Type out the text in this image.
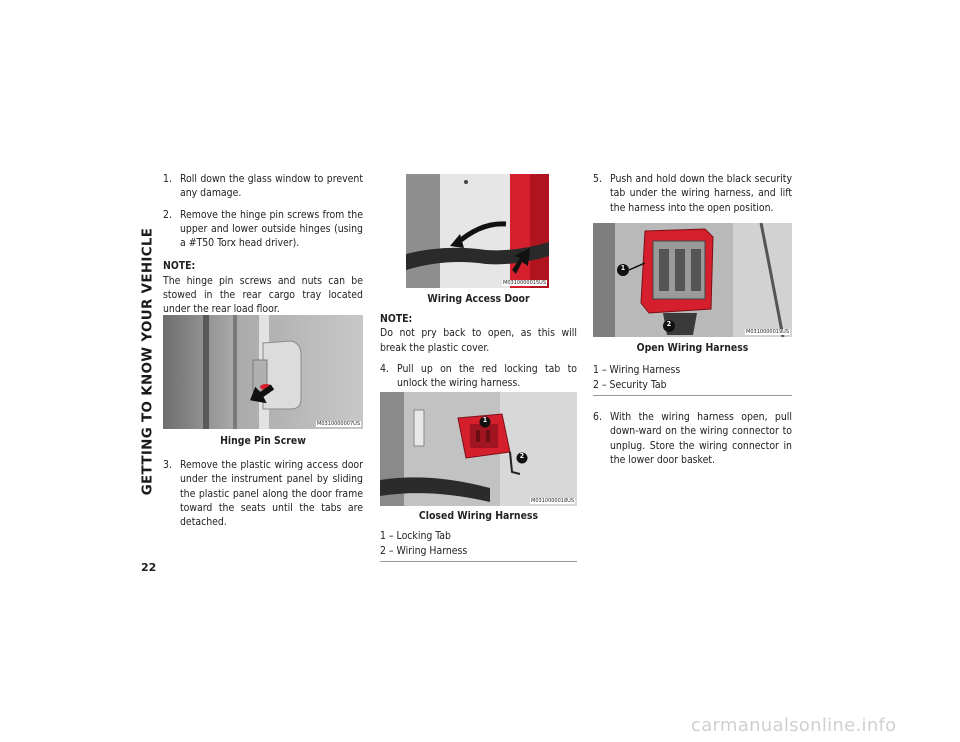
GETTING TO KNOW YOUR VEHICLE
22

1. Roll down the glass window to prevent any damage.

2. Remove the hinge pin screws from the upper and lower outside hinges (using a #T50 Torx head driver).

NOTE:

The hinge pin screws and nuts can be stowed in the rear cargo tray located under the rear load floor.

M0310000007US
Hinge Pin Screw

3. Remove the plastic wiring access door under the instrument panel by sliding the plastic panel along the door frame toward the seats until the tabs are detached.

M0310000015US
Wiring Access Door

NOTE:

Do not pry back to open, as this will break the plastic cover.

4. Pull up on the red locking tab to unlock the wiring harness.

1
2
M0310000018US
Closed Wiring Harness
1 – Locking Tab
2 – Wiring Harness

5. Push and hold down the black security tab under the wiring harness, and lift the harness into the open position.

1
2
M0310000019US
Open Wiring Harness
1 – Wiring Harness
2 – Security Tab

6. With the wiring harness open, pull down-ward on the wiring connector to unplug. Store the wiring connector in the lower door basket.

carmanualsonline.info
